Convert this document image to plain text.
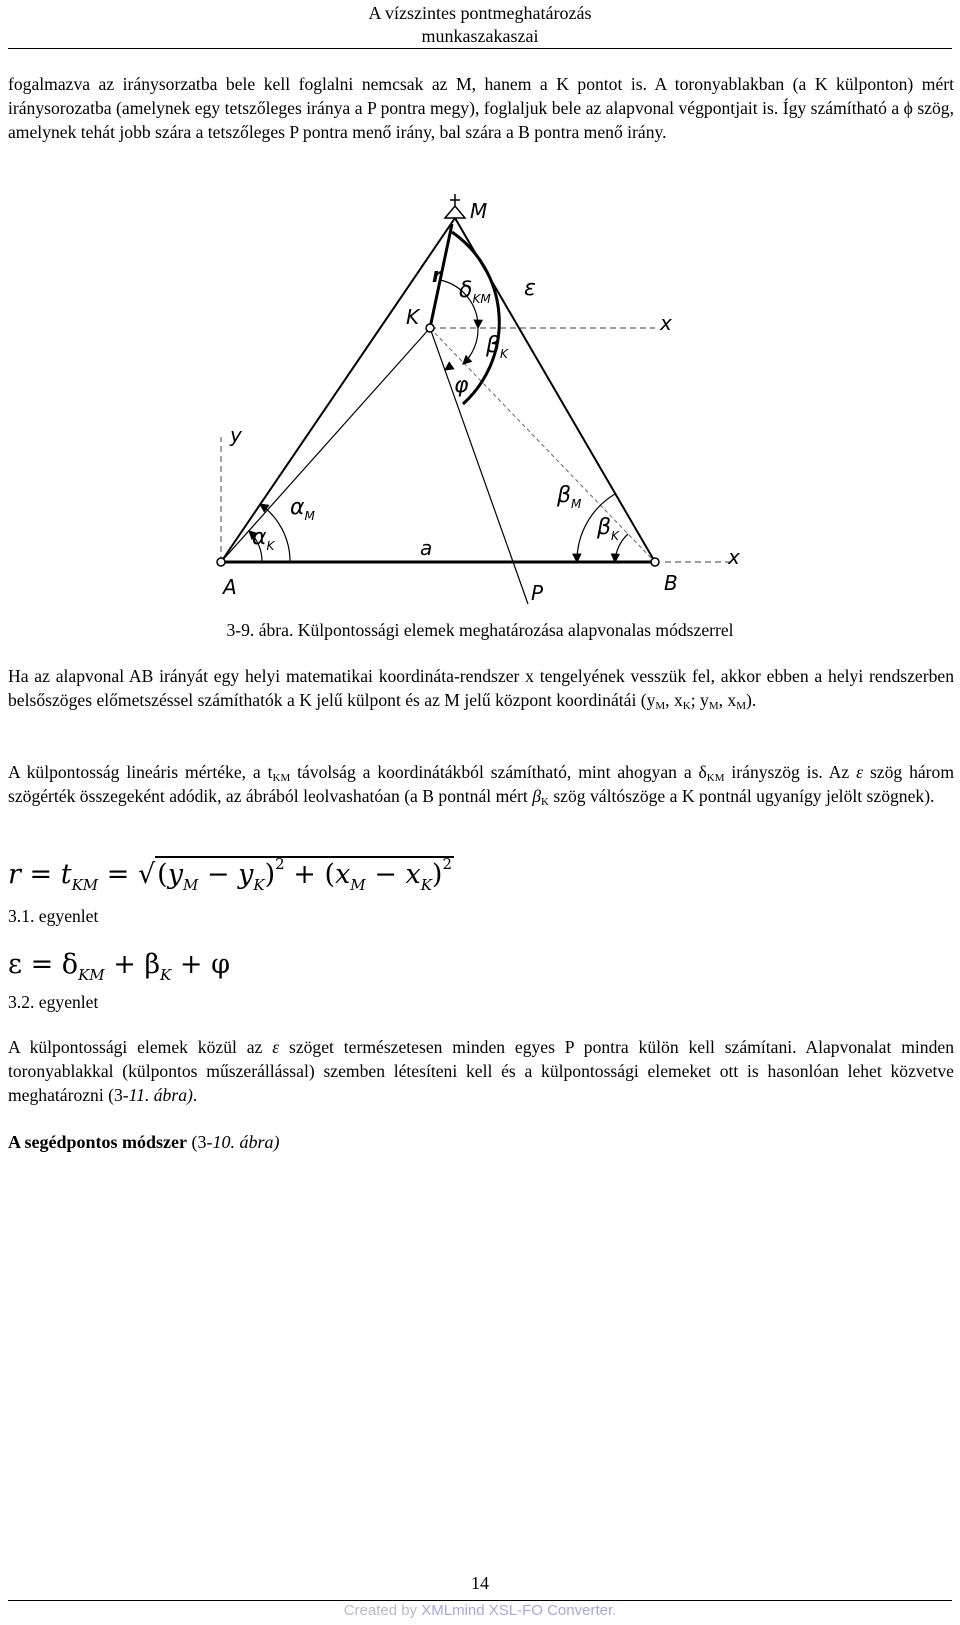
A vízszintes pontmeghatározás
munkaszakaszai
fogalmazva az iránysorzatba bele kell foglalni nemcsak az M, hanem a K pontot is. A toronyablakban (a K külponton) mért iránysorozatba (amelynek egy tetszőleges iránya a P pontra megy), foglaljuk bele az alapvonal végpontjait is. Így számítható a ϕ szög, amelynek tehát jobb szára a tetszőleges P pontra menő irány, bal szára a B pontra menő irány.
M
r
$\delta_{KM}$ ε
K	x
$\beta_K$
φ
y
$\alpha_M$
$\alpha_K$
$\beta_M$
$\beta_K$
a	x
A	B
P
3-9. ábra. Külpontossági elemek meghatározása alapvonalas módszerrel
Ha az alapvonal AB irányát egy helyi matematikai koordináta-rendszer x tengelyének vesszük fel, akkor ebben a helyi rendszerben belsőszöges előmetszéssel számíthatók a K jelű külpont és az M jelű központ koordinátái ($y_M$, $x_K$; $y_M$, $x_M$).
A külpontosság lineáris mértéke, a $t_{KM}$ távolság a koordinátákból számítható, mint ahogyan a $\delta_{KM}$ irányszög is. Az ε szög három szögérték összegeként adódik, az ábrából leolvashatóan (a B pontnál mért $\beta_K$ szög váltószöge a K pontnál ugyanígy jelölt szögnek).
$r = t_{KM} = √(y_M - y_K)^2 + (x_M - x_K)^2$
3.1. egyenlet
$\varepsilon = \delta_{KM} + \beta_K + \varphi$
3.2. egyenlet
A külpontossági elemek közül az ε szöget természetesen minden egyes P pontra külön kell számítani. Alapvonalat minden toronyablakkal (külpontos műszerállással) szemben létesíteni kell és a külpontossági elemeket ott is hasonlóan lehet közvetve meghatározni (3-11. ábra).
A segédpontos módszer (3-10. ábra)
14
Created by XMLmind XSL-FO Converter.
